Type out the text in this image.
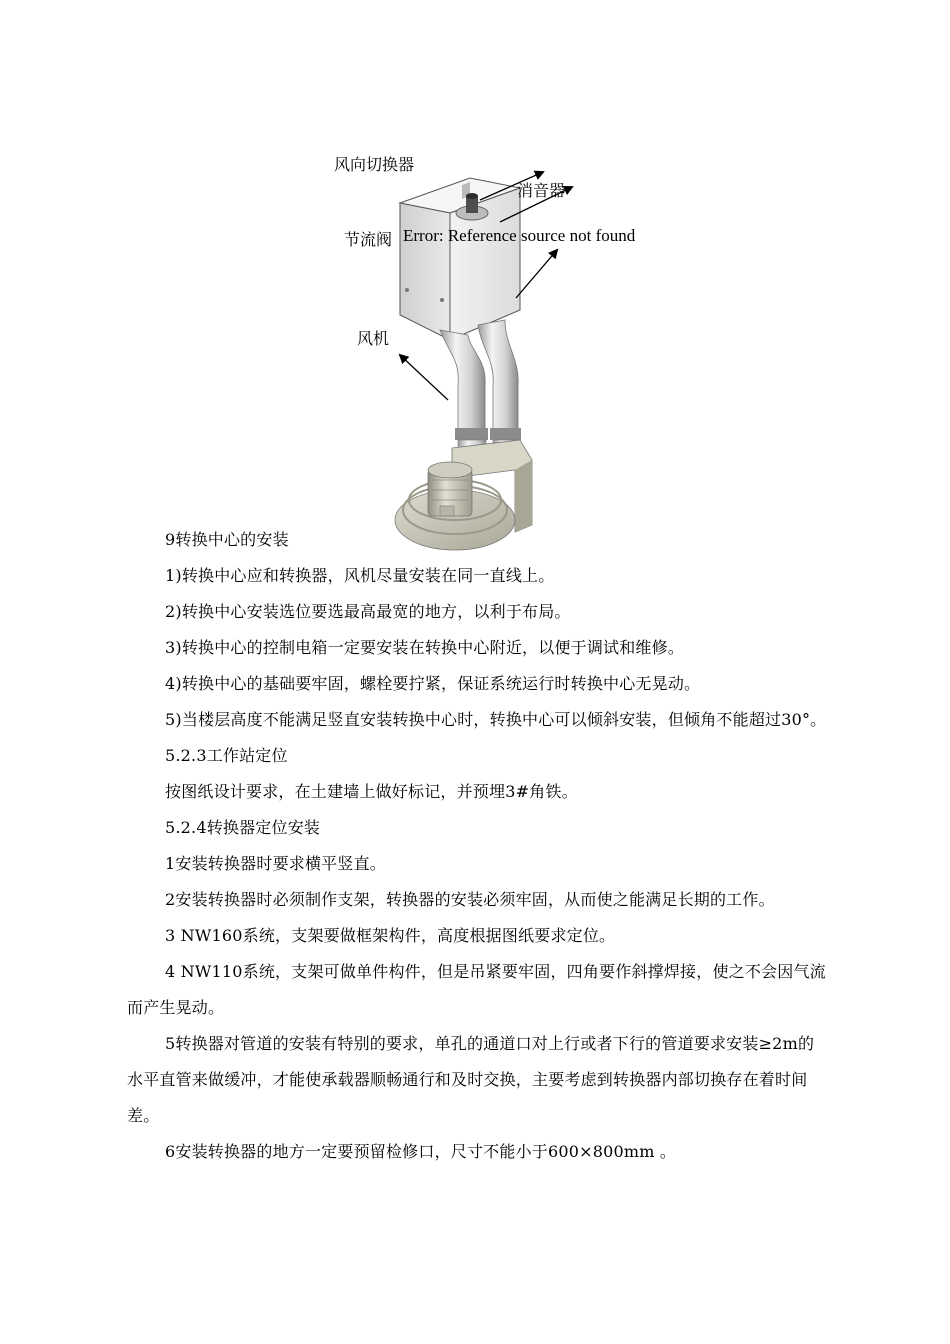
风向切换器
消音器
节流阀 Error: Reference source not found
风机

9转换中心的安装

1)转换中心应和转换器，风机尽量安装在同一直线上。

2)转换中心安装选位要选最高最宽的地方，以利于布局。

3)转换中心的控制电箱一定要安装在转换中心附近，以便于调试和维修。

4)转换中心的基础要牢固，螺栓要拧紧，保证系统运行时转换中心无晃动。

5)当楼层高度不能满足竖直安装转换中心时，转换中心可以倾斜安装，但倾角不能超过30°。

5.2.3工作站定位

按图纸设计要求，在土建墙上做好标记，并预埋3#角铁。

5.2.4转换器定位安装

1安装转换器时要求横平竖直。

2安装转换器时必须制作支架，转换器的安装必须牢固，从而使之能满足长期的工作。

3 NW160系统，支架要做框架构件，高度根据图纸要求定位。

4 NW110系统，支架可做单件构件，但是吊紧要牢固，四角要作斜撑焊接，使之不会因气流而产生晃动。

5转换器对管道的安装有特别的要求，单孔的通道口对上行或者下行的管道要求安装≥2m的水平直管来做缓冲，才能使承载器顺畅通行和及时交换，主要考虑到转换器内部切换存在着时间差。

6安装转换器的地方一定要预留检修口，尺寸不能小于600×800mm 。
